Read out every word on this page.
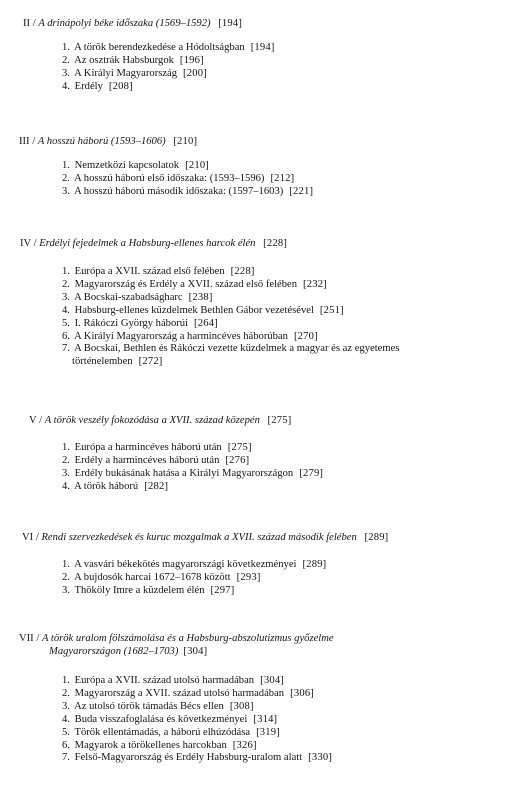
II / A drinápolyi béke időszaka (1569–1592) [194]

1. A török berendezkedése a Hódoltságban [194]
2. Az osztrák Habsburgok [196]
3. A Királyi Magyarország [200]
4. Erdély [208]

III / A hosszú háború (1593–1606) [210]

1. Nemzetközi kapcsolatok [210]
2. A hosszú háború első időszaka: (1593–1596) [212]
3. A hosszú háború második időszaka: (1597–1603) [221]

IV / Erdélyi fejedelmek a Habsburg-ellenes harcok élén [228]

1. Európa a XVII. század első felében [228]
2. Magyarország és Erdély a XVII. század első felében [232]
3. A Bocskai-szabadságharc [238]
4. Habsburg-ellenes küzdelmek Bethlen Gábor vezetésével [251]
5. I. Rákóczi György háborúi [264]
6. A Királyi Magyarország a harmincéves háborúban [270]
7. A Bocskai, Bethlen és Rákóczi vezette küzdelmek a magyar és az egyetemes
történelemben [272]

V / A török veszély fokozódása a XVII. század közepén [275]

1. Európa a harmincéves háború után [275]
2. Erdély a harmincéves háború után [276]
3. Erdély bukásának hatása a Királyi Magyarországon [279]
4. A török háború [282]

VI / Rendi szervezkedések és kuruc mozgalmak a XVII. század második felében [289]

1. A vasvári békekötés magyarországi következményei [289]
2. A bujdosók harcai 1672–1678 között [293]
3. Thököly Imre a küzdelem élén [297]

VII / A török uralom fölszámolása és a Habsburg-abszolutizmus győzelme
Magyarországon (1682–1703) [304]

1. Európa a XVII. század utolsó harmadában [304]
2. Magyarország a XVII. század utolsó harmadában [306]
3. Az utolsó török támadás Bécs ellen [308]
4. Buda visszafoglalása és következményei [314]
5. Török ellentámadás, a háború elhúzódása [319]
6. Magyarok a törökellenes harcokban [326]
7. Felső-Magyarország és Erdély Habsburg-uralom alatt [330]
